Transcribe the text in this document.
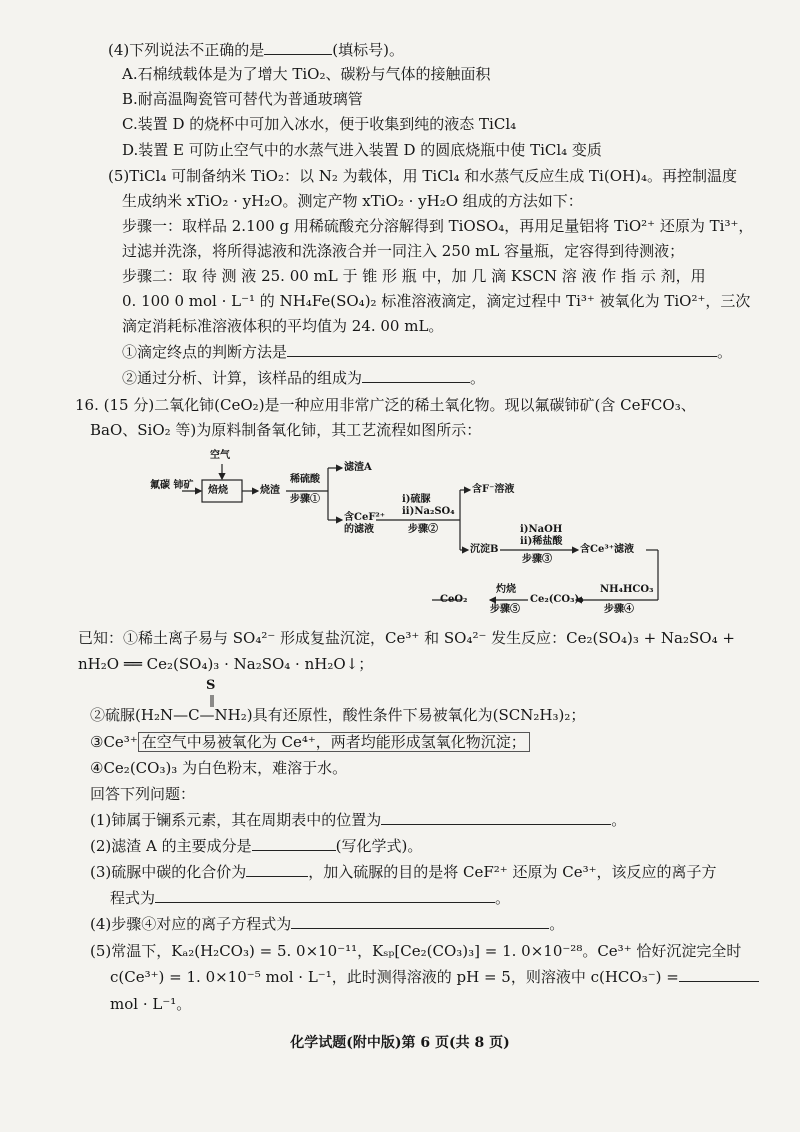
(4)下列说法不正确的是	(填标号)。
A.石棉绒载体是为了增大 TiO₂、碳粉与气体的接触面积
B.耐高温陶瓷管可替代为普通玻璃管
C.装置 D 的烧杯中可加入冰水，便于收集到纯的液态 TiCl₄
D.装置 E 可防止空气中的水蒸气进入装置 D 的圆底烧瓶中使 TiCl₄ 变质
(5)TiCl₄ 可制备纳米 TiO₂：以 N₂ 为载体，用 TiCl₄ 和水蒸气反应生成 Ti(OH)₄。再控制温度
生成纳米 xTiO₂ · yH₂O。测定产物 xTiO₂ · yH₂O 组成的方法如下：
步骤一：取样品 2.100 g 用稀硫酸充分溶解得到 TiOSO₄，再用足量铝将 TiO²⁺ 还原为 Ti³⁺，
过滤并洗涤，将所得滤液和洗涤液合并一同注入 250 mL 容量瓶，定容得到待测液；
步骤二：取 待 测 液 25. 00 mL 于 锥 形 瓶 中，加 几 滴 KSCN 溶 液 作 指 示 剂，用
0. 100 0 mol · L⁻¹ 的 NH₄Fe(SO₄)₂ 标准溶液滴定，滴定过程中 Ti³⁺ 被氧化为 TiO²⁺，三次
滴定消耗标准溶液体积的平均值为 24. 00 mL。
①滴定终点的判断方法是	。
②通过分析、计算，该样品的组成为	。
16. (15 分)二氧化铈(CeO₂)是一种应用非常广泛的稀土氧化物。现以氟碳铈矿(含 CeFCO₃、
BaO、SiO₂ 等)为原料制备氧化铈，其工艺流程如图所示：
氟碳 铈矿
空气
焙烧	烧渣
稀硫酸
步骤①
滤渣A
含CeF²⁺
的滤液
i)硫脲
ii)Na₂SO₄
步骤②
含F⁻溶液
沉淀B
i)NaOH
ii)稀盐酸
步骤③
含Ce³⁺滤液
NH₄HCO₃
步骤④
Ce₂(CO₃)₃
灼烧
步骤⑤
CeO₂
已知：①稀土离子易与 SO₄²⁻ 形成复盐沉淀，Ce³⁺ 和 SO₄²⁻ 发生反应：Ce₂(SO₄)₃ + Na₂SO₄ +
nH₂O ══ Ce₂(SO₄)₃ · Na₂SO₄ · nH₂O↓；
S
②硫脲(H₂N—C—NH₂)具有还原性，酸性条件下易被氧化为(SCN₂H₃)₂；
③Ce³⁺ 在空气中易被氧化为 Ce⁴⁺，两者均能形成氢氧化物沉淀；
④Ce₂(CO₃)₃ 为白色粉末，难溶于水。
回答下列问题：
(1)铈属于镧系元素，其在周期表中的位置为	。
(2)滤渣 A 的主要成分是	(写化学式)。
(3)硫脲中碳的化合价为	，加入硫脲的目的是将 CeF²⁺ 还原为 Ce³⁺，该反应的离子方
程式为	。
(4)步骤④对应的离子方程式为	。
(5)常温下，Kₐ₂(H₂CO₃) = 5. 0×10⁻¹¹，Kₛₚ[Ce₂(CO₃)₃] = 1. 0×10⁻²⁸。Ce³⁺ 恰好沉淀完全时
c(Ce³⁺) = 1. 0×10⁻⁵ mol · L⁻¹，此时测得溶液的 pH = 5，则溶液中 c(HCO₃⁻) =
mol · L⁻¹。
化学试题(附中版)第 6 页(共 8 页)
